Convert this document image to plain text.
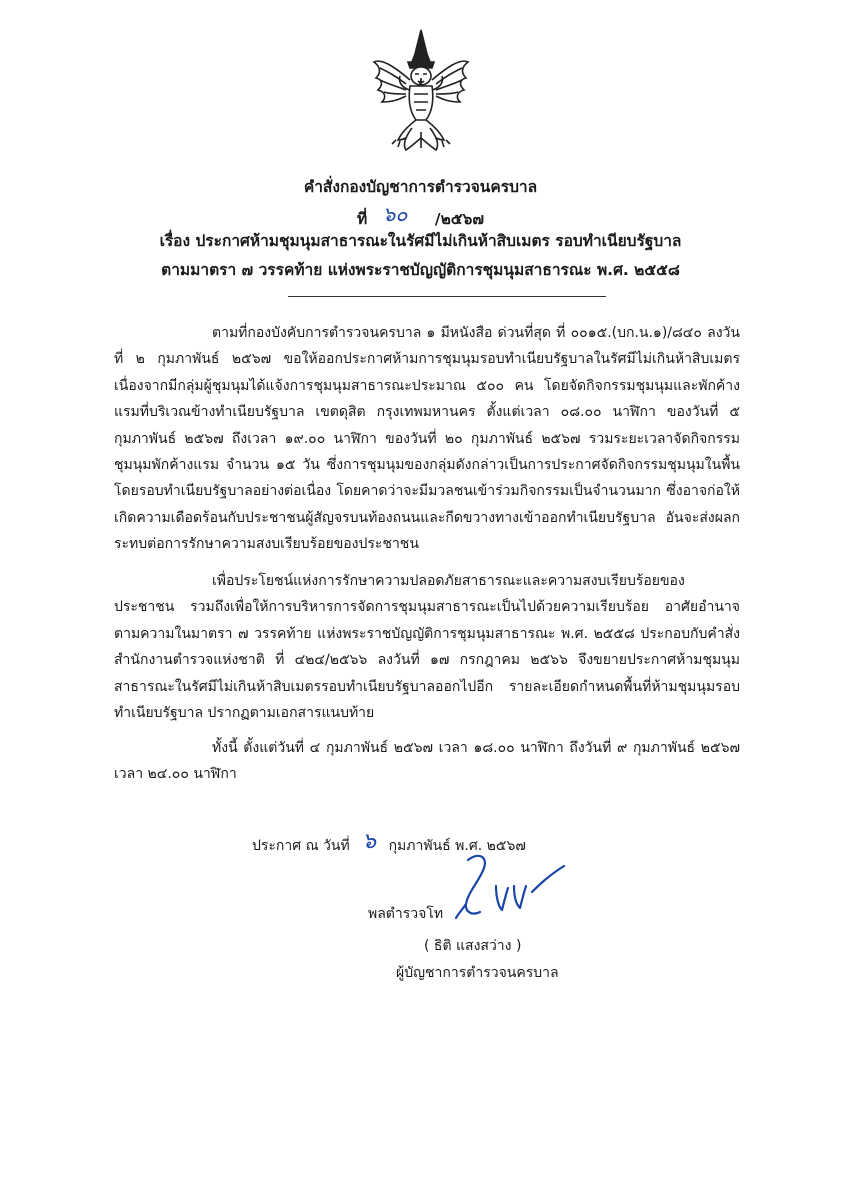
คำสั่งกองบัญชาการตำรวจนครบาล
ที่ ๖๐ /๒๕๖๗
เรื่อง ประกาศห้ามชุมนุมสาธารณะในรัศมีไม่เกินห้าสิบเมตร รอบทำเนียบรัฐบาล
ตามมาตรา ๗ วรรคท้าย แห่งพระราชบัญญัติการชุมนุมสาธารณะ พ.ศ. ๒๕๕๘

ตามที่กองบังคับการตำรวจนครบาล ๑ มีหนังสือ ด่วนที่สุด ที่ ๐๐๑๕.(บก.น.๑)/๘๔๐ ลงวันที่ ๒ กุมภาพันธ์ ๒๕๖๗ ขอให้ออกประกาศห้ามการชุมนุมรอบทำเนียบรัฐบาลในรัศมีไม่เกินห้าสิบเมตร เนื่องจากมีกลุ่มผู้ชุมนุมได้แจ้งการชุมนุมสาธารณะประมาณ ๕๐๐ คน โดยจัดกิจกรรมชุมนุมและพักค้างแรมที่บริเวณข้างทำเนียบรัฐบาล เขตดุสิต กรุงเทพมหานคร ตั้งแต่เวลา ๐๘.๐๐ นาฬิกา ของวันที่ ๕ กุมภาพันธ์ ๒๕๖๗ ถึงเวลา ๑๙.๐๐ นาฬิกา ของวันที่ ๒๐ กุมภาพันธ์ ๒๕๖๗ รวมระยะเวลาจัดกิจกรรมชุมนุมพักค้างแรม จำนวน ๑๕ วัน ซึ่งการชุมนุมของกลุ่มดังกล่าวเป็นการประกาศจัดกิจกรรมชุมนุมในพื้นโดยรอบทำเนียบรัฐบาลอย่างต่อเนื่อง โดยคาดว่าจะมีมวลชนเข้าร่วมกิจกรรมเป็นจำนวนมาก ซึ่งอาจก่อให้เกิดความเดือดร้อนกับประชาชนผู้สัญจรบนท้องถนนและกีดขวางทางเข้าออกทำเนียบรัฐบาล อันจะส่งผลกระทบต่อการรักษาความสงบเรียบร้อยของประชาชน

เพื่อประโยชน์แห่งการรักษาความปลอดภัยสาธารณะและความสงบเรียบร้อยของประชาชน รวมถึงเพื่อให้การบริหารการจัดการชุมนุมสาธารณะเป็นไปด้วยความเรียบร้อย อาศัยอำนาจตามความในมาตรา ๗ วรรคท้าย แห่งพระราชบัญญัติการชุมนุมสาธารณะ พ.ศ. ๒๕๕๘ ประกอบกับคำสั่งสำนักงานตำรวจแห่งชาติ ที่ ๔๒๔/๒๕๖๖ ลงวันที่ ๑๗ กรกฎาคม ๒๕๖๖ จึงขยายประกาศห้ามชุมนุมสาธารณะในรัศมีไม่เกินห้าสิบเมตรรอบทำเนียบรัฐบาลออกไปอีก รายละเอียดกำหนดพื้นที่ห้ามชุมนุมรอบทำเนียบรัฐบาล ปรากฏตามเอกสารแนบท้าย

ทั้งนี้ ตั้งแต่วันที่ ๔ กุมภาพันธ์ ๒๕๖๗ เวลา ๑๘.๐๐ นาฬิกา ถึงวันที่ ๙ กุมภาพันธ์ ๒๕๖๗ เวลา ๒๔.๐๐ นาฬิกา

ประกาศ ณ วันที่ ๖ กุมภาพันธ์ พ.ศ. ๒๕๖๗
พลตำรวจโท
( ธิติ แสงสว่าง )
ผู้บัญชาการตำรวจนครบาล
